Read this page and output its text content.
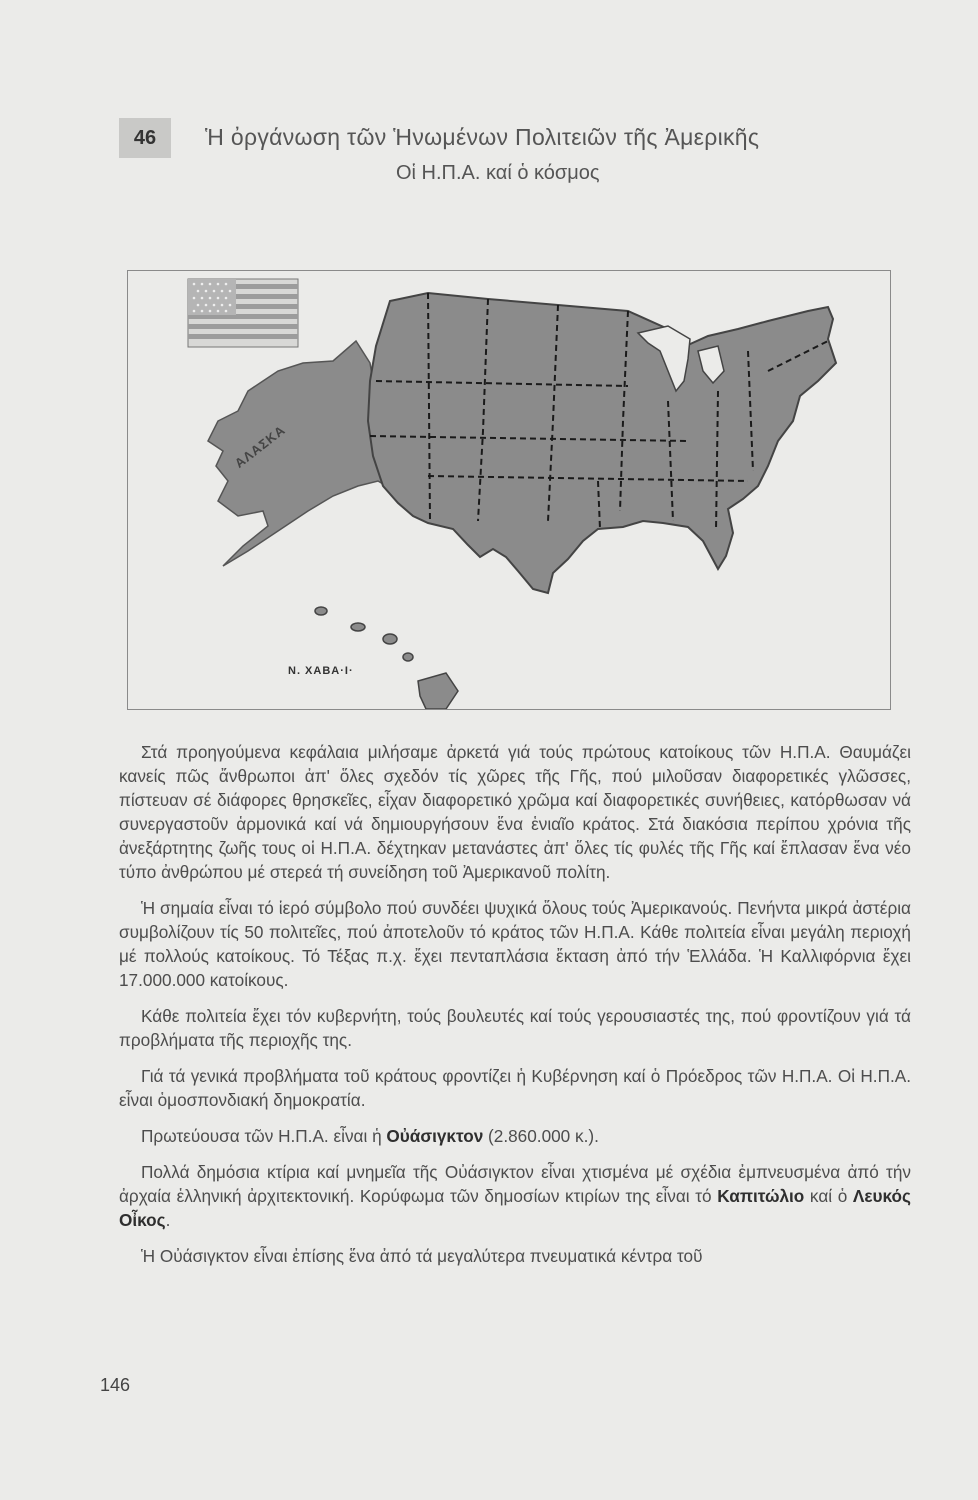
46	Ἡ ὀργάνωση τῶν Ἡνωμένων Πολιτειῶν τῆς Ἀμερικῆς
Οἱ Η.Π.Α. καί ὁ κόσμος
ΑΛΑΣΚΑ
Ν. ΧΑΒΑ·Ι·

Στά προηγούμενα κεφάλαια μιλήσαμε ἀρκετά γιά τούς πρώτους κατοίκους τῶν Η.Π.Α. Θαυμάζει κανείς πῶς ἄνθρωποι ἀπ' ὅλες σχεδόν τίς χῶρες τῆς Γῆς, πού μιλοῦσαν διαφορετικές γλῶσσες, πίστευαν σέ διάφορες θρησκεῖες, εἶχαν διαφορετικό χρῶμα καί διαφορετικές συνήθειες, κατόρθωσαν νά συνεργαστοῦν ἁρμονικά καί νά δημιουργήσουν ἕνα ἑνιαῖο κράτος. Στά διακόσια περίπου χρόνια τῆς ἀνεξάρτητης ζωῆς τους οἱ Η.Π.Α. δέχτηκαν μετανάστες ἀπ' ὅλες τίς φυλές τῆς Γῆς καί ἔπλασαν ἕνα νέο τύπο ἀνθρώπου μέ στερεά τή συνείδηση τοῦ Ἀμερικανοῦ πολίτη.

Ἡ σημαία εἶναι τό ἱερό σύμβολο πού συνδέει ψυχικά ὅλους τούς Ἀμερικανούς. Πενήντα μικρά ἀστέρια συμβολίζουν τίς 50 πολιτεῖες, πού ἀποτελοῦν τό κράτος τῶν Η.Π.Α. Κάθε πολιτεία εἶναι μεγάλη περιοχή μέ πολλούς κατοίκους. Τό Τέξας π.χ. ἔχει πενταπλάσια ἔκταση ἀπό τήν Ἑλλάδα. Ἡ Καλλιφόρνια ἔχει 17.000.000 κατοίκους.

Κάθε πολιτεία ἔχει τόν κυβερνήτη, τούς βουλευτές καί τούς γερουσιαστές της, πού φροντίζουν γιά τά προβλήματα τῆς περιοχῆς της.

Γιά τά γενικά προβλήματα τοῦ κράτους φροντίζει ἡ Κυβέρνηση καί ὁ Πρόεδρος τῶν Η.Π.Α. Οἱ Η.Π.Α. εἶναι ὁμοσπονδιακή δημοκρατία.

Πρωτεύουσα τῶν Η.Π.Α. εἶναι ἡ Οὐάσιγκτον (2.860.000 κ.).

Πολλά δημόσια κτίρια καί μνημεῖα τῆς Οὐάσιγκτον εἶναι χτισμένα μέ σχέδια ἐμπνευσμένα ἀπό τήν ἀρχαία ἑλληνική ἀρχιτεκτονική. Κορύφωμα τῶν δημοσίων κτιρίων της εἶναι τό Καπιτώλιο καί ὁ Λευκός Οἶκος.

Ἡ Οὐάσιγκτον εἶναι ἐπίσης ἕνα ἀπό τά μεγαλύτερα πνευματικά κέντρα τοῦ

146
